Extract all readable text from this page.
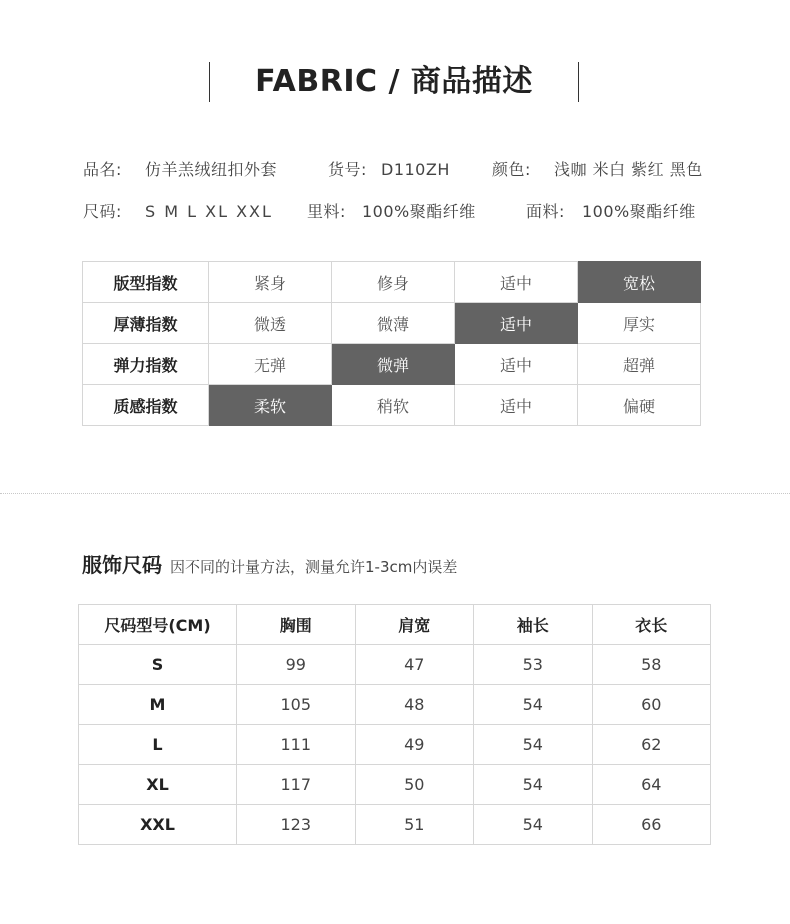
FABRIC / 商品描述
品名: 仿羊羔绒纽扣外套	货号: D110ZH	颜色: 浅咖 米白 紫红 黑色
尺码: S M L XL XXL 里料: 100%聚酯纤维	面料: 100%聚酯纤维
版型指数	紧身	修身	适中	宽松
厚薄指数	微透	微薄	适中	厚实
弹力指数	无弹	微弹	适中	超弹
质感指数	柔软	稍软	适中	偏硬
服饰尺码 因不同的计量方法，测量允许1-3cm内误差
尺码型号(CM)	胸围	肩宽	袖长	衣长
S	99	47	53	58
M	105	48	54	60
L	111	49	54	62
XL	117	50	54	64
XXL	123	51	54	66
